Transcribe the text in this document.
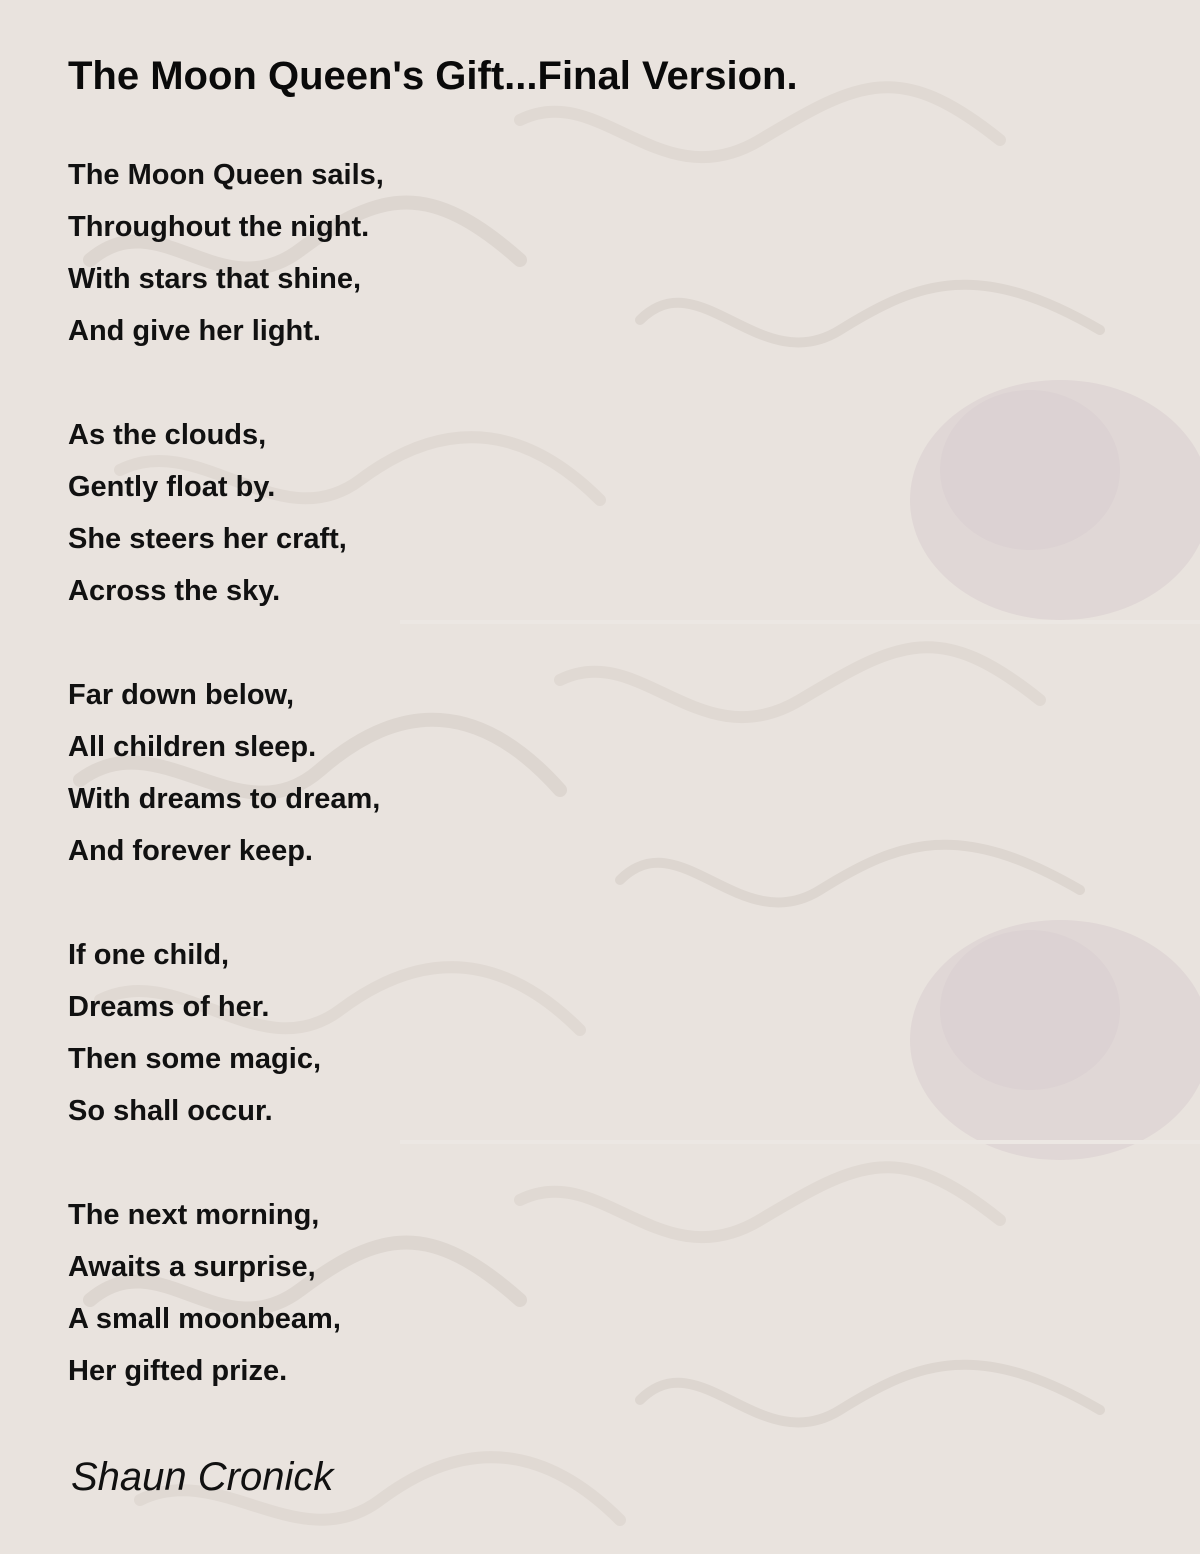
The Moon Queen's Gift...Final Version.
The Moon Queen sails,
Throughout the night.
With stars that shine,
And give her light.
As the clouds,
Gently float by.
She steers her craft,
Across the sky.
Far down below,
All children sleep.
With dreams to dream,
And forever keep.
If one child,
Dreams of her.
Then some magic,
So shall occur.
The next morning,
Awaits a surprise,
A small moonbeam,
Her gifted prize.

Shaun Cronick
